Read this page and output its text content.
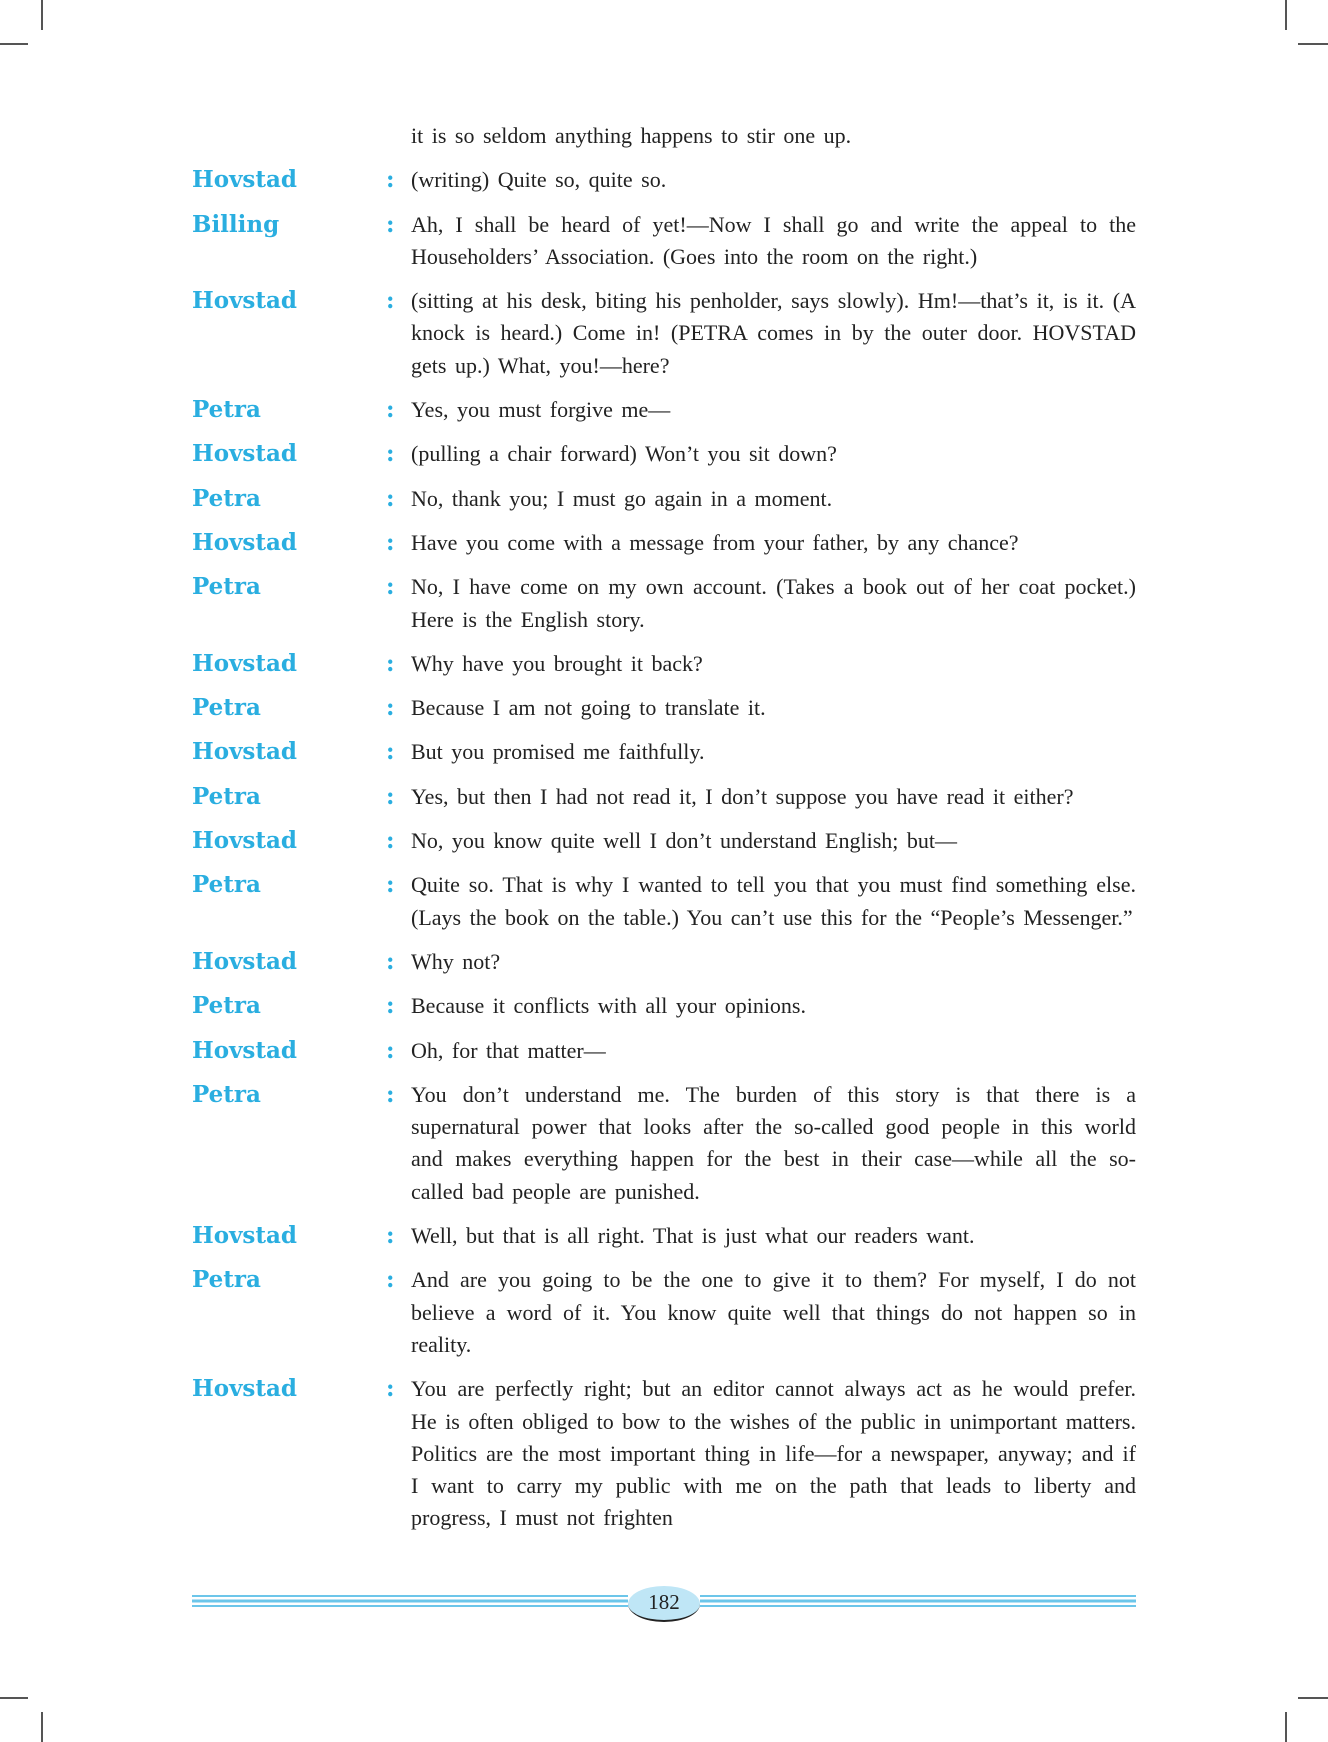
it is so seldom anything happens to stir one up.
Hovstad	: (writing) Quite so, quite so.
Billing	: Ah, I shall be heard of yet!—Now I shall go and write the appeal to the Householders’ Association. (Goes into the room on the right.)
Hovstad	: (sitting at his desk, biting his penholder, says slowly). Hm!—that’s it, is it. (A knock is heard.) Come in! (PETRA comes in by the outer door. HOVSTAD gets up.) What, you!—here?
Petra	: Yes, you must forgive me—
Hovstad	: (pulling a chair forward) Won’t you sit down?
Petra	: No, thank you; I must go again in a moment.
Hovstad	: Have you come with a message from your father, by any chance?
Petra	: No, I have come on my own account. (Takes a book out of her coat pocket.) Here is the English story.
Hovstad	: Why have you brought it back?
Petra	: Because I am not going to translate it.
Hovstad	: But you promised me faithfully.
Petra	: Yes, but then I had not read it, I don’t suppose you have read it either?
Hovstad	: No, you know quite well I don’t understand English; but—
Petra	: Quite so. That is why I wanted to tell you that you must find something else. (Lays the book on the table.) You can’t use this for the “People’s Messenger.”
Hovstad	: Why not?
Petra	: Because it conflicts with all your opinions.
Hovstad	: Oh, for that matter—
Petra	: You don’t understand me. The burden of this story is that there is a supernatural power that looks after the so-called good people in this world and makes everything happen for the best in their case—while all the so-called bad people are punished.
Hovstad	: Well, but that is all right. That is just what our readers want.
Petra	: And are you going to be the one to give it to them? For myself, I do not believe a word of it. You know quite well that things do not happen so in reality.
Hovstad	: You are perfectly right; but an editor cannot always act as he would prefer. He is often obliged to bow to the wishes of the public in unimportant matters. Politics are the most important thing in life—for a newspaper, anyway; and if I want to carry my public with me on the path that leads to liberty and progress, I must not frighten
182
